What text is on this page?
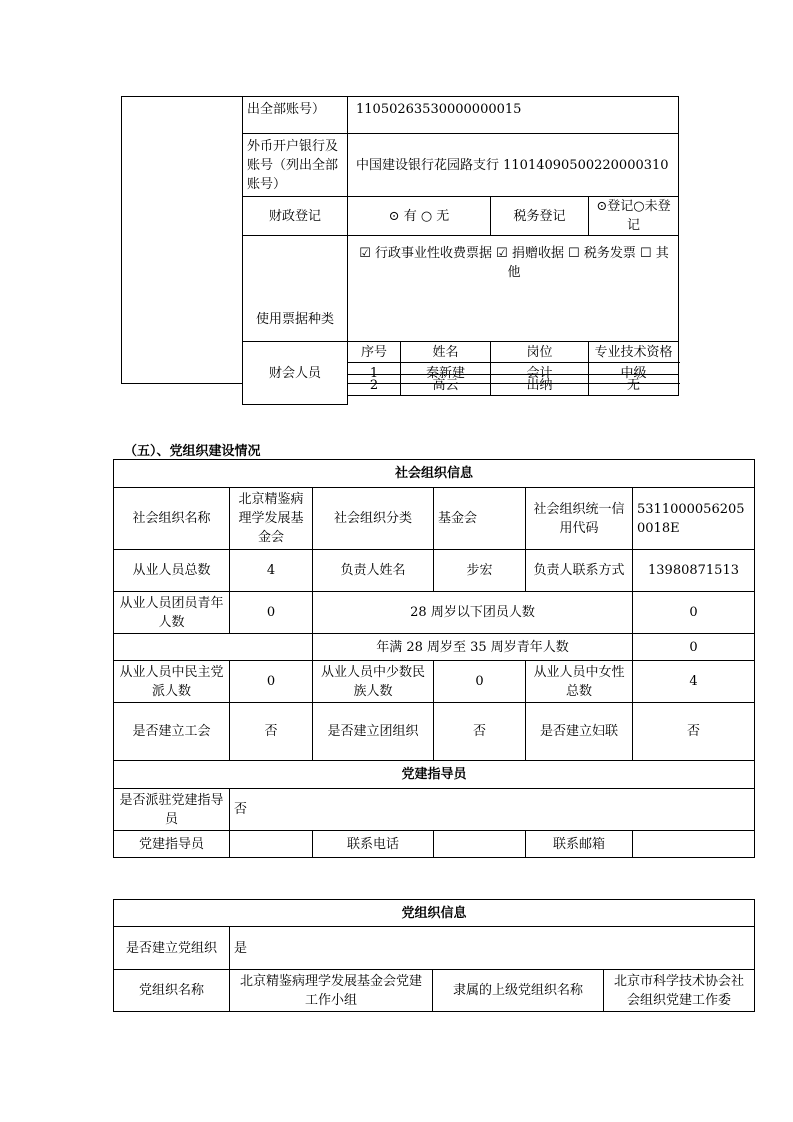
	出全部账号）	11050263530000000015			
	外币开户银行及账号（列出全部账号）	中国建设银行花园路支行 11014090500220000310			
	财政登记	⊙ 有 ○ 无		税务登记	⊙登记○未登记
	使用票据种类	☑ 行政事业性收费票据 ☑ 捐赠收据 ☐ 税务发票 ☐ 其他			
	财会人员	序号	姓名	岗位	专业技术资格
		1	秦新建	会计	中级

2	高云	出纳	无
（五）、党组织建设情况
社会组织信息					
社会组织名称	北京精鉴病理学发展基金会	社会组织分类	基金会	社会组织统一信用代码	53110000562050018E
从业人员总数	4	负责人姓名	步宏	负责人联系方式	13980871513
从业人员团员青年人数	0	28 周岁以下团员人数			0
		年满 28 周岁至 35 周岁青年人数			0
从业人员中民主党派人数	0	从业人员中少数民族人数	0	从业人员中女性总数	4
是否建立工会	否	是否建立团组织	否	是否建立妇联	否
党建指导员					
是否派驻党建指导员	否				
党建指导员		联系电话		联系邮箱	
党组织信息			
是否建立党组织	是		
党组织名称	北京精鉴病理学发展基金会党建工作小组	隶属的上级党组织名称	北京市科学技术协会社会组织党建工作委
